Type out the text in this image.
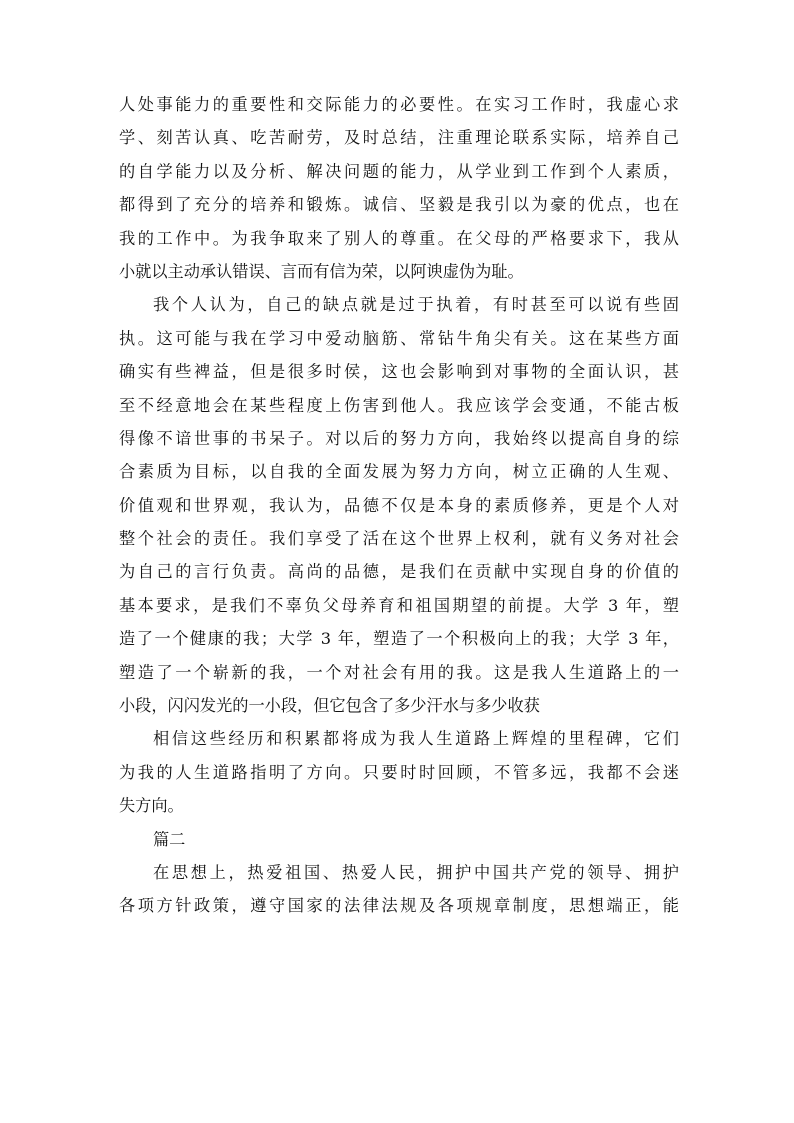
人处事能力的重要性和交际能力的必要性。在实习工作时，我虚心求
学、刻苦认真、吃苦耐劳，及时总结，注重理论联系实际，培养自己
的自学能力以及分析、解决问题的能力，从学业到工作到个人素质，
都得到了充分的培养和锻炼。诚信、坚毅是我引以为豪的优点，也在
我的工作中。为我争取来了别人的尊重。在父母的严格要求下，我从
小就以主动承认错误、言而有信为荣，以阿谀虚伪为耻。
我个人认为，自己的缺点就是过于执着，有时甚至可以说有些固
执。这可能与我在学习中爱动脑筋、常钻牛角尖有关。这在某些方面
确实有些裨益，但是很多时侯，这也会影响到对事物的全面认识，甚
至不经意地会在某些程度上伤害到他人。我应该学会变通，不能古板
得像不谙世事的书呆子。对以后的努力方向，我始终以提高自身的综
合素质为目标，以自我的全面发展为努力方向，树立正确的人生观、
价值观和世界观，我认为，品德不仅是本身的素质修养，更是个人对
整个社会的责任。我们享受了活在这个世界上权利，就有义务对社会
为自己的言行负责。高尚的品德，是我们在贡献中实现自身的价值的
基本要求，是我们不辜负父母养育和祖国期望的前提。大学 3 年，塑
造了一个健康的我；大学 3 年，塑造了一个积极向上的我；大学 3 年，
塑造了一个崭新的我，一个对社会有用的我。这是我人生道路上的一
小段，闪闪发光的一小段，但它包含了多少汗水与多少收获
相信这些经历和积累都将成为我人生道路上辉煌的里程碑，它们
为我的人生道路指明了方向。只要时时回顾，不管多远，我都不会迷
失方向。
篇二
在思想上，热爱祖国、热爱人民，拥护中国共产党的领导、拥护
各项方针政策，遵守国家的法律法规及各项规章制度，思想端正，能
